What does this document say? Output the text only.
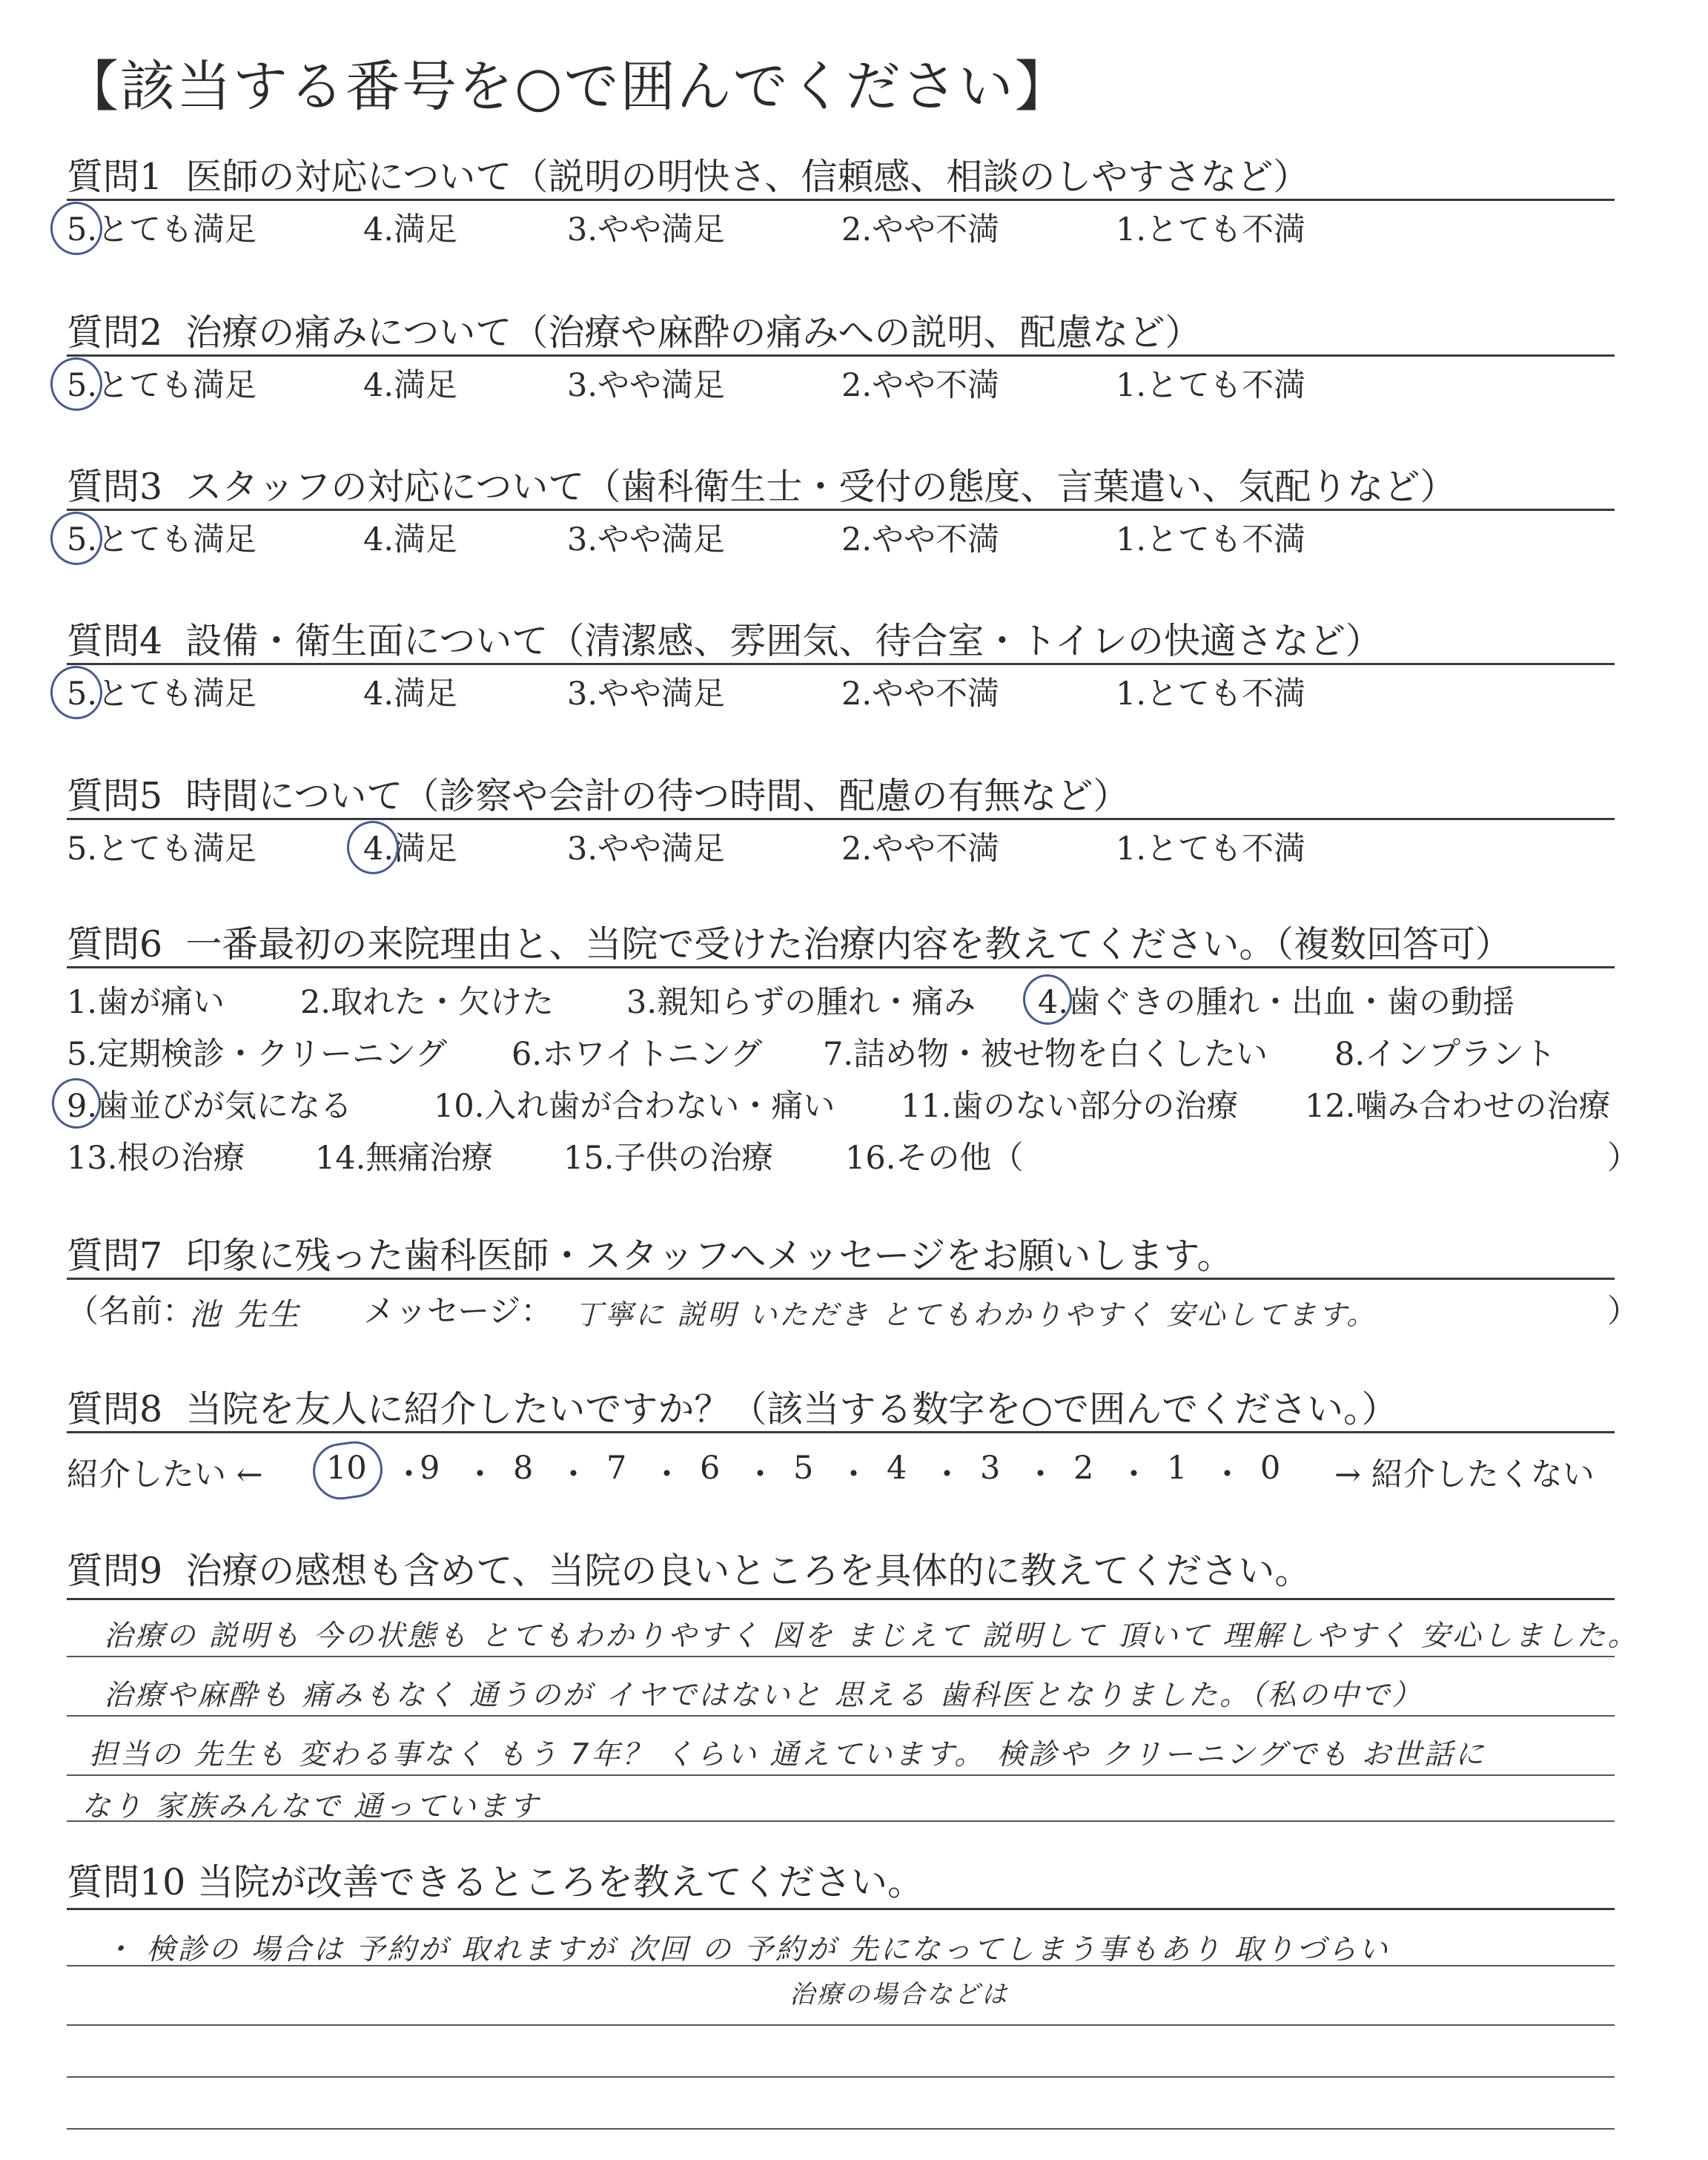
【該当する番号を○で囲んでください】
質問1 医師の対応について（説明の明快さ、信頼感、相談のしやすさなど）
5.とても満足	4.満足	3.やや満足	2.やや不満	1.とても不満
質問2 治療の痛みについて（治療や麻酔の痛みへの説明、配慮など）
5.とても満足	4.満足	3.やや満足	2.やや不満	1.とても不満
質問3 スタッフの対応について（歯科衛生士・受付の態度、言葉遣い、気配りなど）
5.とても満足	4.満足	3.やや満足	2.やや不満	1.とても不満
質問4 設備・衛生面について（清潔感、雰囲気、待合室・トイレの快適さなど）
5.とても満足	4.満足	3.やや満足	2.やや不満	1.とても不満
質問5 時間について（診察や会計の待つ時間、配慮の有無など）
5.とても満足	4.満足	3.やや満足	2.やや不満	1.とても不満
質問6 一番最初の来院理由と、当院で受けた治療内容を教えてください。（複数回答可）
1.歯が痛い 2.取れた・欠けた 3.親知らずの腫れ・痛み 4.歯ぐきの腫れ・出血・歯の動揺
5.定期検診・クリーニング 6.ホワイトニング 7.詰め物・被せ物を白くしたい 8.インプラント
9.歯並びが気になる	10.入れ歯が合わない・痛い 11.歯のない部分の治療 12.噛み合わせの治療
13.根の治療 14.無痛治療 15.子供の治療 16.その他（	）
質問7 印象に残った歯科医師・スタッフへメッセージをお願いします。
（名前：
池 先生 メッセージ： 丁寧に 説明 いただき とてもわかりやすく 安心してます。	）
質問8 当院を友人に紹介したいですか？（該当する数字を○で囲んでください。）
紹介したい ← 10 ・
9 ・ 8 ・ 7 ・ 6 ・ 5 ・ 4 ・ 3 ・ 2 ・ 1 ・ 0 → 紹介したくない
質問9 治療の感想も含めて、当院の良いところを具体的に教えてください。
治療の 説明も 今の状態も とてもわかりやすく 図を まじえて 説明して 頂いて 理解しやすく 安心しました。
治療や麻酔も 痛みもなく 通うのが イヤではないと 思える 歯科医となりました。（私の中で）
担当の 先生も 変わる事なく もう 7年？ くらい 通えています。 検診や クリーニングでも お世話に
なり 家族みんなで 通っています
質問10 当院が改善できるところを教えてください。
・ 検診の 場合は 予約が 取れますが 次回 の 予約が 先になってしまう事もあり 取りづらい
治療の場合などは
